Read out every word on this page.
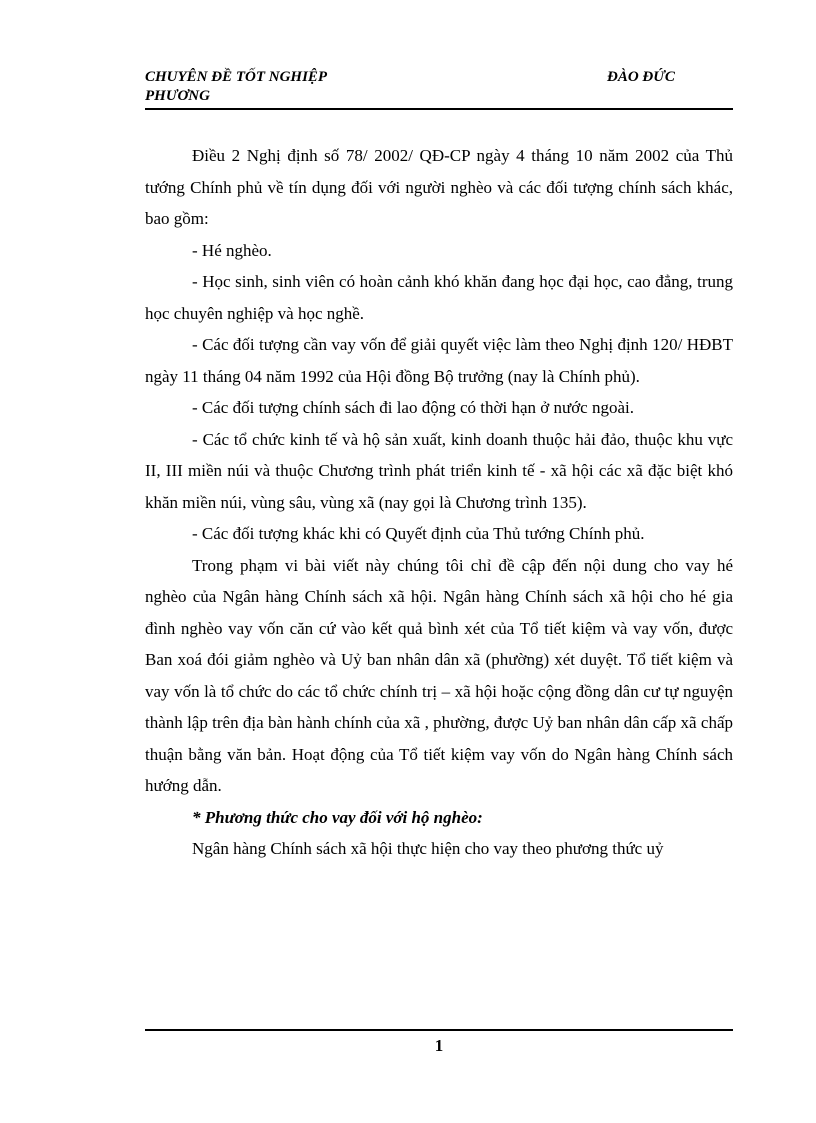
CHUYÊN ĐỀ TỐT NGHIỆP	ĐÀO ĐỨC
PHƯƠNG

Điều 2 Nghị định số 78/ 2002/ QĐ-CP ngày 4 tháng 10 năm 2002 của Thủ tướng Chính phủ về tín dụng đối với người nghèo và các đối tượng chính sách khác, bao gồm:

- Hé nghèo.

- Học sinh, sinh viên có hoàn cảnh khó khăn đang học đại học, cao đẳng, trung học chuyên nghiệp và học nghề.

- Các đối tượng cần vay vốn để giải quyết việc làm theo Nghị định 120/ HĐBT ngày 11 tháng 04 năm 1992 của Hội đồng Bộ trưởng (nay là Chính phủ).

- Các đối tượng chính sách đi lao động có thời hạn ở nước ngoài.

- Các tổ chức kinh tế và hộ sản xuất, kinh doanh thuộc hải đảo, thuộc khu vực II, III miền núi và thuộc Chương trình phát triển kinh tế - xã hội các xã đặc biệt khó khăn miền núi, vùng sâu, vùng xã (nay gọi là Chương trình 135).

- Các đối tượng khác khi có Quyết định của Thủ tướng Chính phủ.

Trong phạm vi bài viết này chúng tôi chỉ đề cập đến nội dung cho vay hé nghèo của Ngân hàng Chính sách xã hội. Ngân hàng Chính sách xã hội cho hé gia đình nghèo vay vốn căn cứ vào kết quả bình xét của Tổ tiết kiệm và vay vốn, được Ban xoá đói giảm nghèo và Uỷ ban nhân dân xã (phường) xét duyệt. Tổ tiết kiệm và vay vốn là tổ chức do các tổ chức chính trị – xã hội hoặc cộng đồng dân cư tự nguyện thành lập trên địa bàn hành chính của xã , phường, được Uỷ ban nhân dân cấp xã chấp thuận bằng văn bản. Hoạt động của Tổ tiết kiệm vay vốn do Ngân hàng Chính sách hướng dẫn.

* Phương thức cho vay đối với hộ nghèo:

Ngân hàng Chính sách xã hội thực hiện cho vay theo phương thức uỷ

1
